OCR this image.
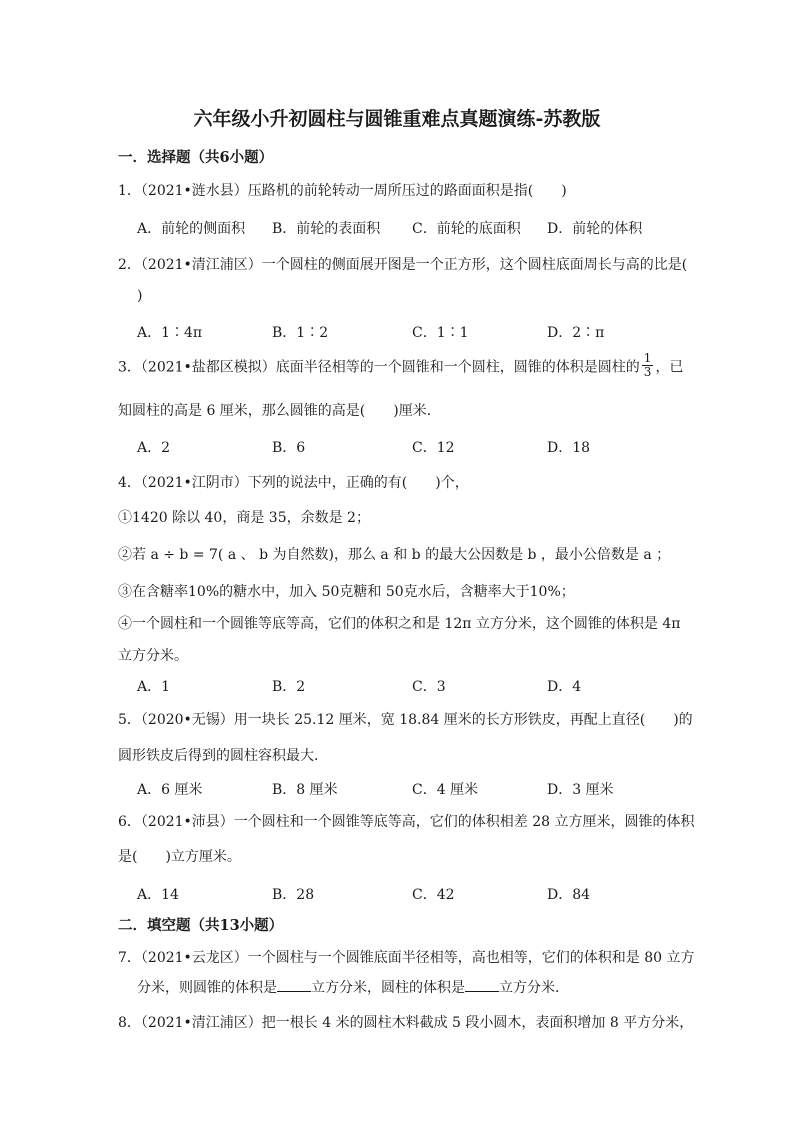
六年级小升初圆柱与圆锥重难点真题演练-苏教版
一．选择题（共6小题）
1．（2021•涟水县）压路机的前轮转动一周所压过的路面面积是指(　　)
A．前轮的侧面积 B．前轮的表面积 C．前轮的底面积 D．前轮的体积
2．（2021•清江浦区）一个圆柱的侧面展开图是一个正方形，这个圆柱底面周长与高的比是(
)
A．1∶4π	B．1∶2	C．1∶1	D．2∶π
3．（2021•盐都区模拟）底面半径相等的一个圆锥和一个圆柱，圆锥的体积是圆柱的 $\frac{1}{3}$ ，已
知圆柱的高是 6 厘米，那么圆锥的高是(　　)厘米．
A．2	B．6	C．12	D．18
4．（2021•江阴市）下列的说法中，正确的有(　　)个，
①1420 除以 40，商是 35，余数是 2；
②若 a ÷ b = 7( a 、 b 为自然数)，那么 a 和 b 的最大公因数是 b ，最小公倍数是 a ；
③在含糖率10%的糖水中，加入 50克糖和 50克水后，含糖率大于10%；
④一个圆柱和一个圆锥等底等高，它们的体积之和是 12π 立方分米，这个圆锥的体积是 4π
立方分米。
A．1	B．2	C．3	D．4
5．（2020•无锡）用一块长 25.12 厘米，宽 18.84 厘米的长方形铁皮，再配上直径(　　)的
圆形铁皮后得到的圆柱容积最大．
A．6 厘米	B．8 厘米	C．4 厘米	D．3 厘米
6．（2021•沛县）一个圆柱和一个圆锥等底等高，它们的体积相差 28 立方厘米，圆锥的体积
是(　　)立方厘米。
A．14	B．28	C．42	D．84
二．填空题（共13小题）
7．（2021•云龙区）一个圆柱与一个圆锥底面半径相等，高也相等，它们的体积和是 80 立方
分米，则圆锥的体积是 立方分米，圆柱的体积是 立方分米．
8．（2021•清江浦区）把一根长 4 米的圆柱木料截成 5 段小圆木，表面积增加 8 平方分米，
